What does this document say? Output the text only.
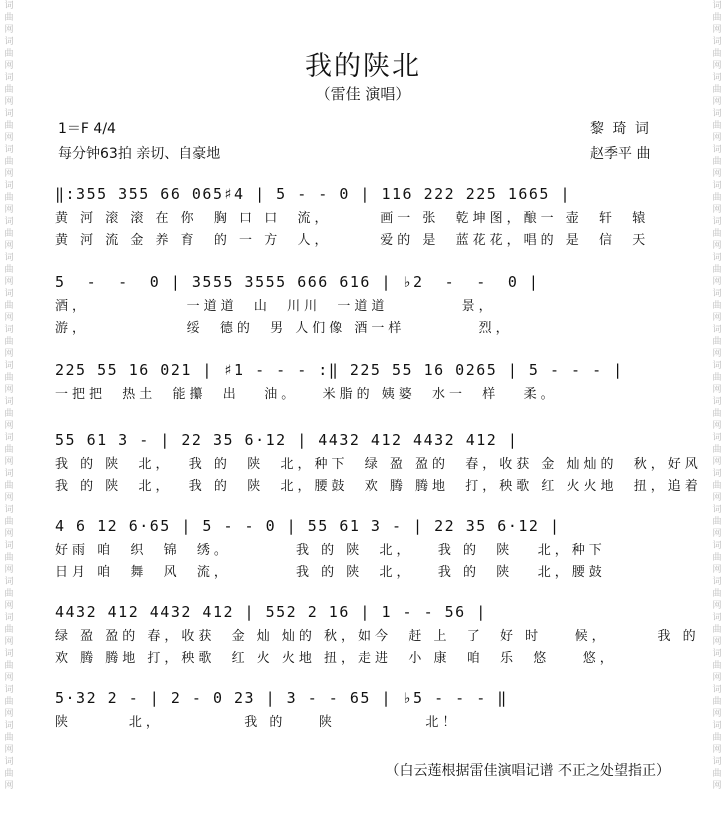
词
曲
网
词
曲
网
词
曲
网
词
曲
网
词
曲
网
词
曲
网
词
曲
网
词
曲
网
词
曲
网
词
曲
网
词
曲
网
词
曲
网
词
曲
网
词
曲
网
词
曲
网
词
曲
网
词
曲
网
词
曲
网
词
曲
网
词
曲
网
词
曲
网
词
曲
网
词
曲
网
词
曲
网
词
曲
网
词
曲
网
词
曲
网
词
曲
网
词
曲
网
词
曲
网
词
曲
网
词
曲
网
词
曲
网
词
曲
网
词
曲
网
词
曲
网
词
曲
网
词
曲
网
词
曲
网
词
曲
网
词
曲
网
词
曲
网
词
曲
网
词
曲
网
我的陕北
（雷佳 演唱）
1＝F 4/4
每分钟63拍 亲切、自豪地
黎 琦 词
赵季平 曲
‖:355 355 66 065♯4 | 5 - - 0 | 116 222 225 1665 |
黄 河 滚 滚 在 你  胸 口 口  流，      画一 张  乾坤图，酿一 壶  轩  辕
黄 河 流 金 养 育  的 一 方  人，      爱的 是  蓝花花，唱的 是  信  天
5  -  -  0 | 3555 3555 666 616 | ♭2  -  -  0 |
酒，            一道道  山  川川  一道道         景，
游，            绥  德的  男 人们像 酒一样         烈，
225 55 16 021 | ♯1 - - - :‖ 225 55 16 0265 | 5 - - - |
一把把  热土  能攥  出   油。   米脂的 姨婆  水一  样   柔。
55 61 3 - | 22 35 6·12 | 4432 412 4432 412 |
我 的 陕  北，  我 的  陕  北，种下  绿 盈 盈的  春，收获 金 灿灿的  秋，好风
我 的 陕  北，  我 的  陕  北，腰鼓  欢 腾 腾地  打，秧歌 红 火火地  扭，追着
4 6 12 6·65 | 5 - - 0 | 55 61 3 - | 22 35 6·12 |
好雨 咱  织  锦  绣。        我 的 陕  北，   我 的  陕   北，种下
日月 咱  舞  风  流，        我 的 陕  北，   我 的  陕   北，腰鼓
4432 412 4432 412 | 552 2 16 | 1 - - 56 |
绿 盈 盈的 春，收获  金 灿 灿的 秋，如今  赶 上  了  好 时    候，      我 的
欢 腾 腾地 打，秧歌  红 火 火地 扭，走进  小 康  咱  乐  悠    悠，
5·32 2 - | 2 - 0 23 | 3 - - 65 | ♭5 - - - ‖
陕       北，          我 的    陕           北！
（白云莲根据雷佳演唱记谱 不正之处望指正）
